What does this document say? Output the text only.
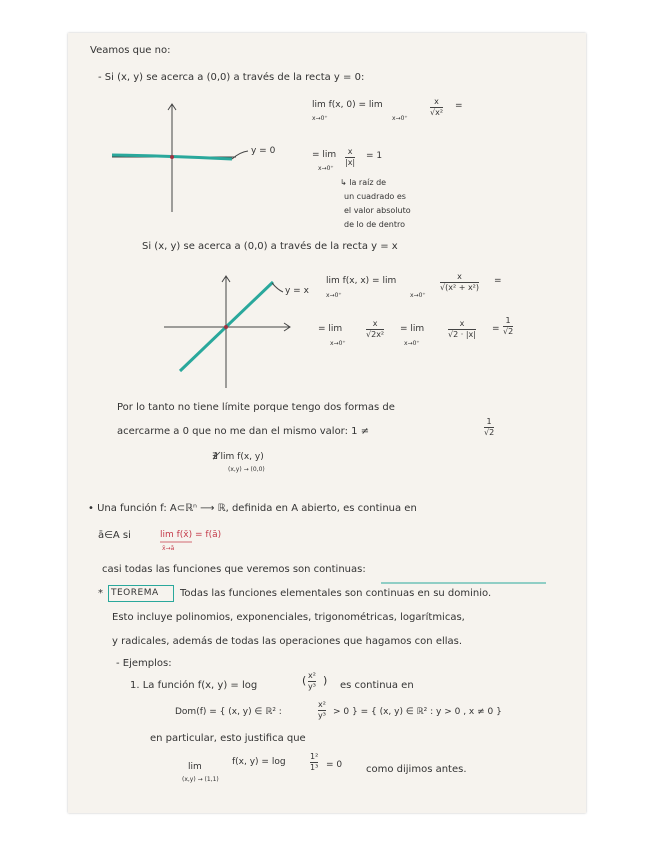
Veamos que no:
- Si (x, y) se acerca a (0,0) a través de la recta y = 0:
lim f(x, 0) = lim
x→0⁺	x→0⁺
x
√x²
=
y = 0	= lim
x→0⁺
x
|x|
= 1
↳ la raíz de
un cuadrado es
el valor absoluto
de lo de dentro
Si (x, y) se acerca a (0,0) a través de la recta y = x
y = x
lim f(x, x) = lim
x→0⁺	x→0⁺
x
√(x² + x²)
=
= lim
x→0⁺
x
√2x²
= lim
x→0⁺
x
√2 · |x|
=
1
√2
Por lo tanto no tiene límite porque tengo dos formas de
acercarme a 0 que no me dan el mismo valor: 1 ≠
1
√2
∄ lim f(x, y)
(x,y) → (0,0)
• Una función f: A⊂ℝⁿ ⟶ ℝ, definida en A abierto, es continua en
ā∈A si	lim f(x̄) = f(ā)
x̄→ā
casi todas las funciones que veremos son continuas:
* TEOREMA Todas las funciones elementales son continuas en su dominio.
Esto incluye polinomios, exponenciales, trigonométricas, logarítmicas,
y radicales, además de todas las operaciones que hagamos con ellas.
- Ejemplos:
1. La función f(x, y) = log	( x²
y³ ) es continua en
Dom(f) = { (x, y) ∈ ℝ² :
x²
y³ > 0 } = { (x, y) ∈ ℝ² : y > 0 , x ≠ 0 }
en particular, esto justifica que
lim
(x,y) → (1,1)
f(x, y) = log
1²
1³ = 0 como dijimos antes.
